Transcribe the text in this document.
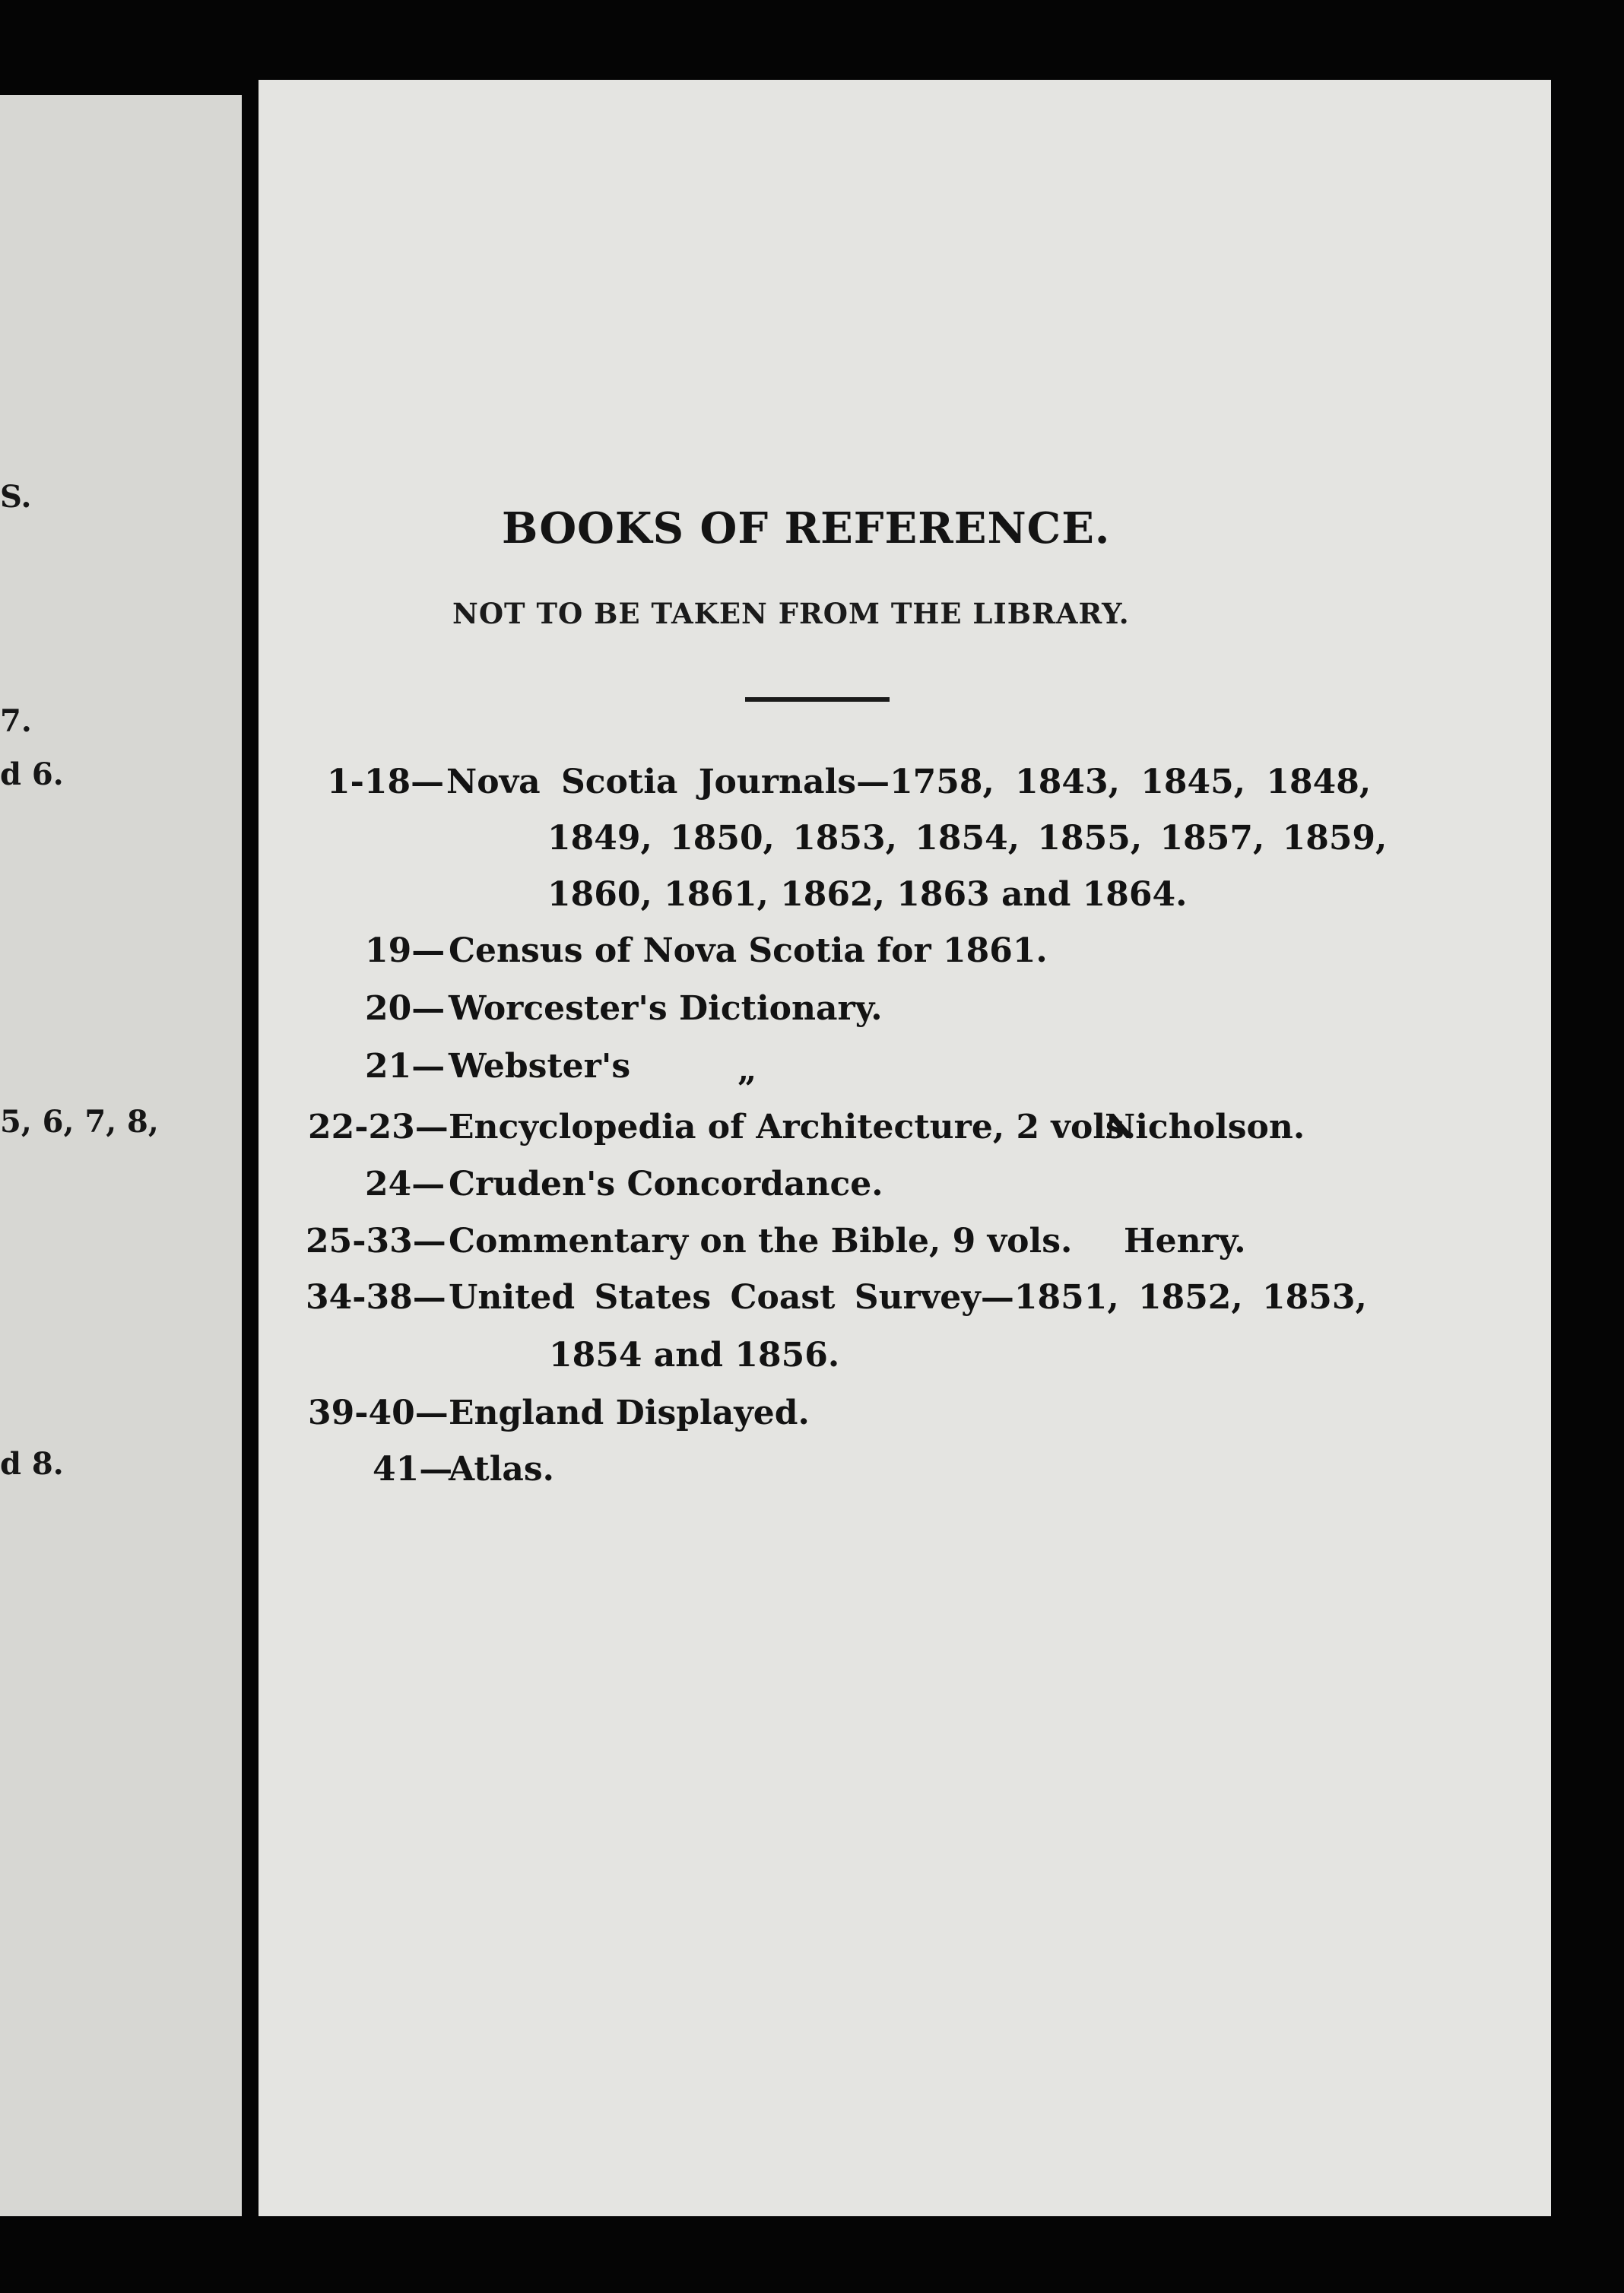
S.
7.
d 6.
5, 6, 7, 8,
d 8.
BOOKS OF REFERENCE.
NOT TO BE TAKEN FROM THE LIBRARY.
1-18— Nova Scotia Journals—1758, 1843, 1845, 1848,
1849, 1850, 1853, 1854, 1855, 1857, 1859,
1860, 1861, 1862, 1863 and 1864.
19— Census of Nova Scotia for 1861.
20— Worcester's Dictionary.
21— Webster's	„
22-23— Encyclopedia of Architecture, 2 vols.
Nicholson.
24— Cruden's Concordance.
25-33— Commentary on the Bible, 9 vols. Henry.
34-38— United States Coast Survey—1851, 1852, 1853,
1854 and 1856.
39-40— England Displayed.
41—
Atlas.
